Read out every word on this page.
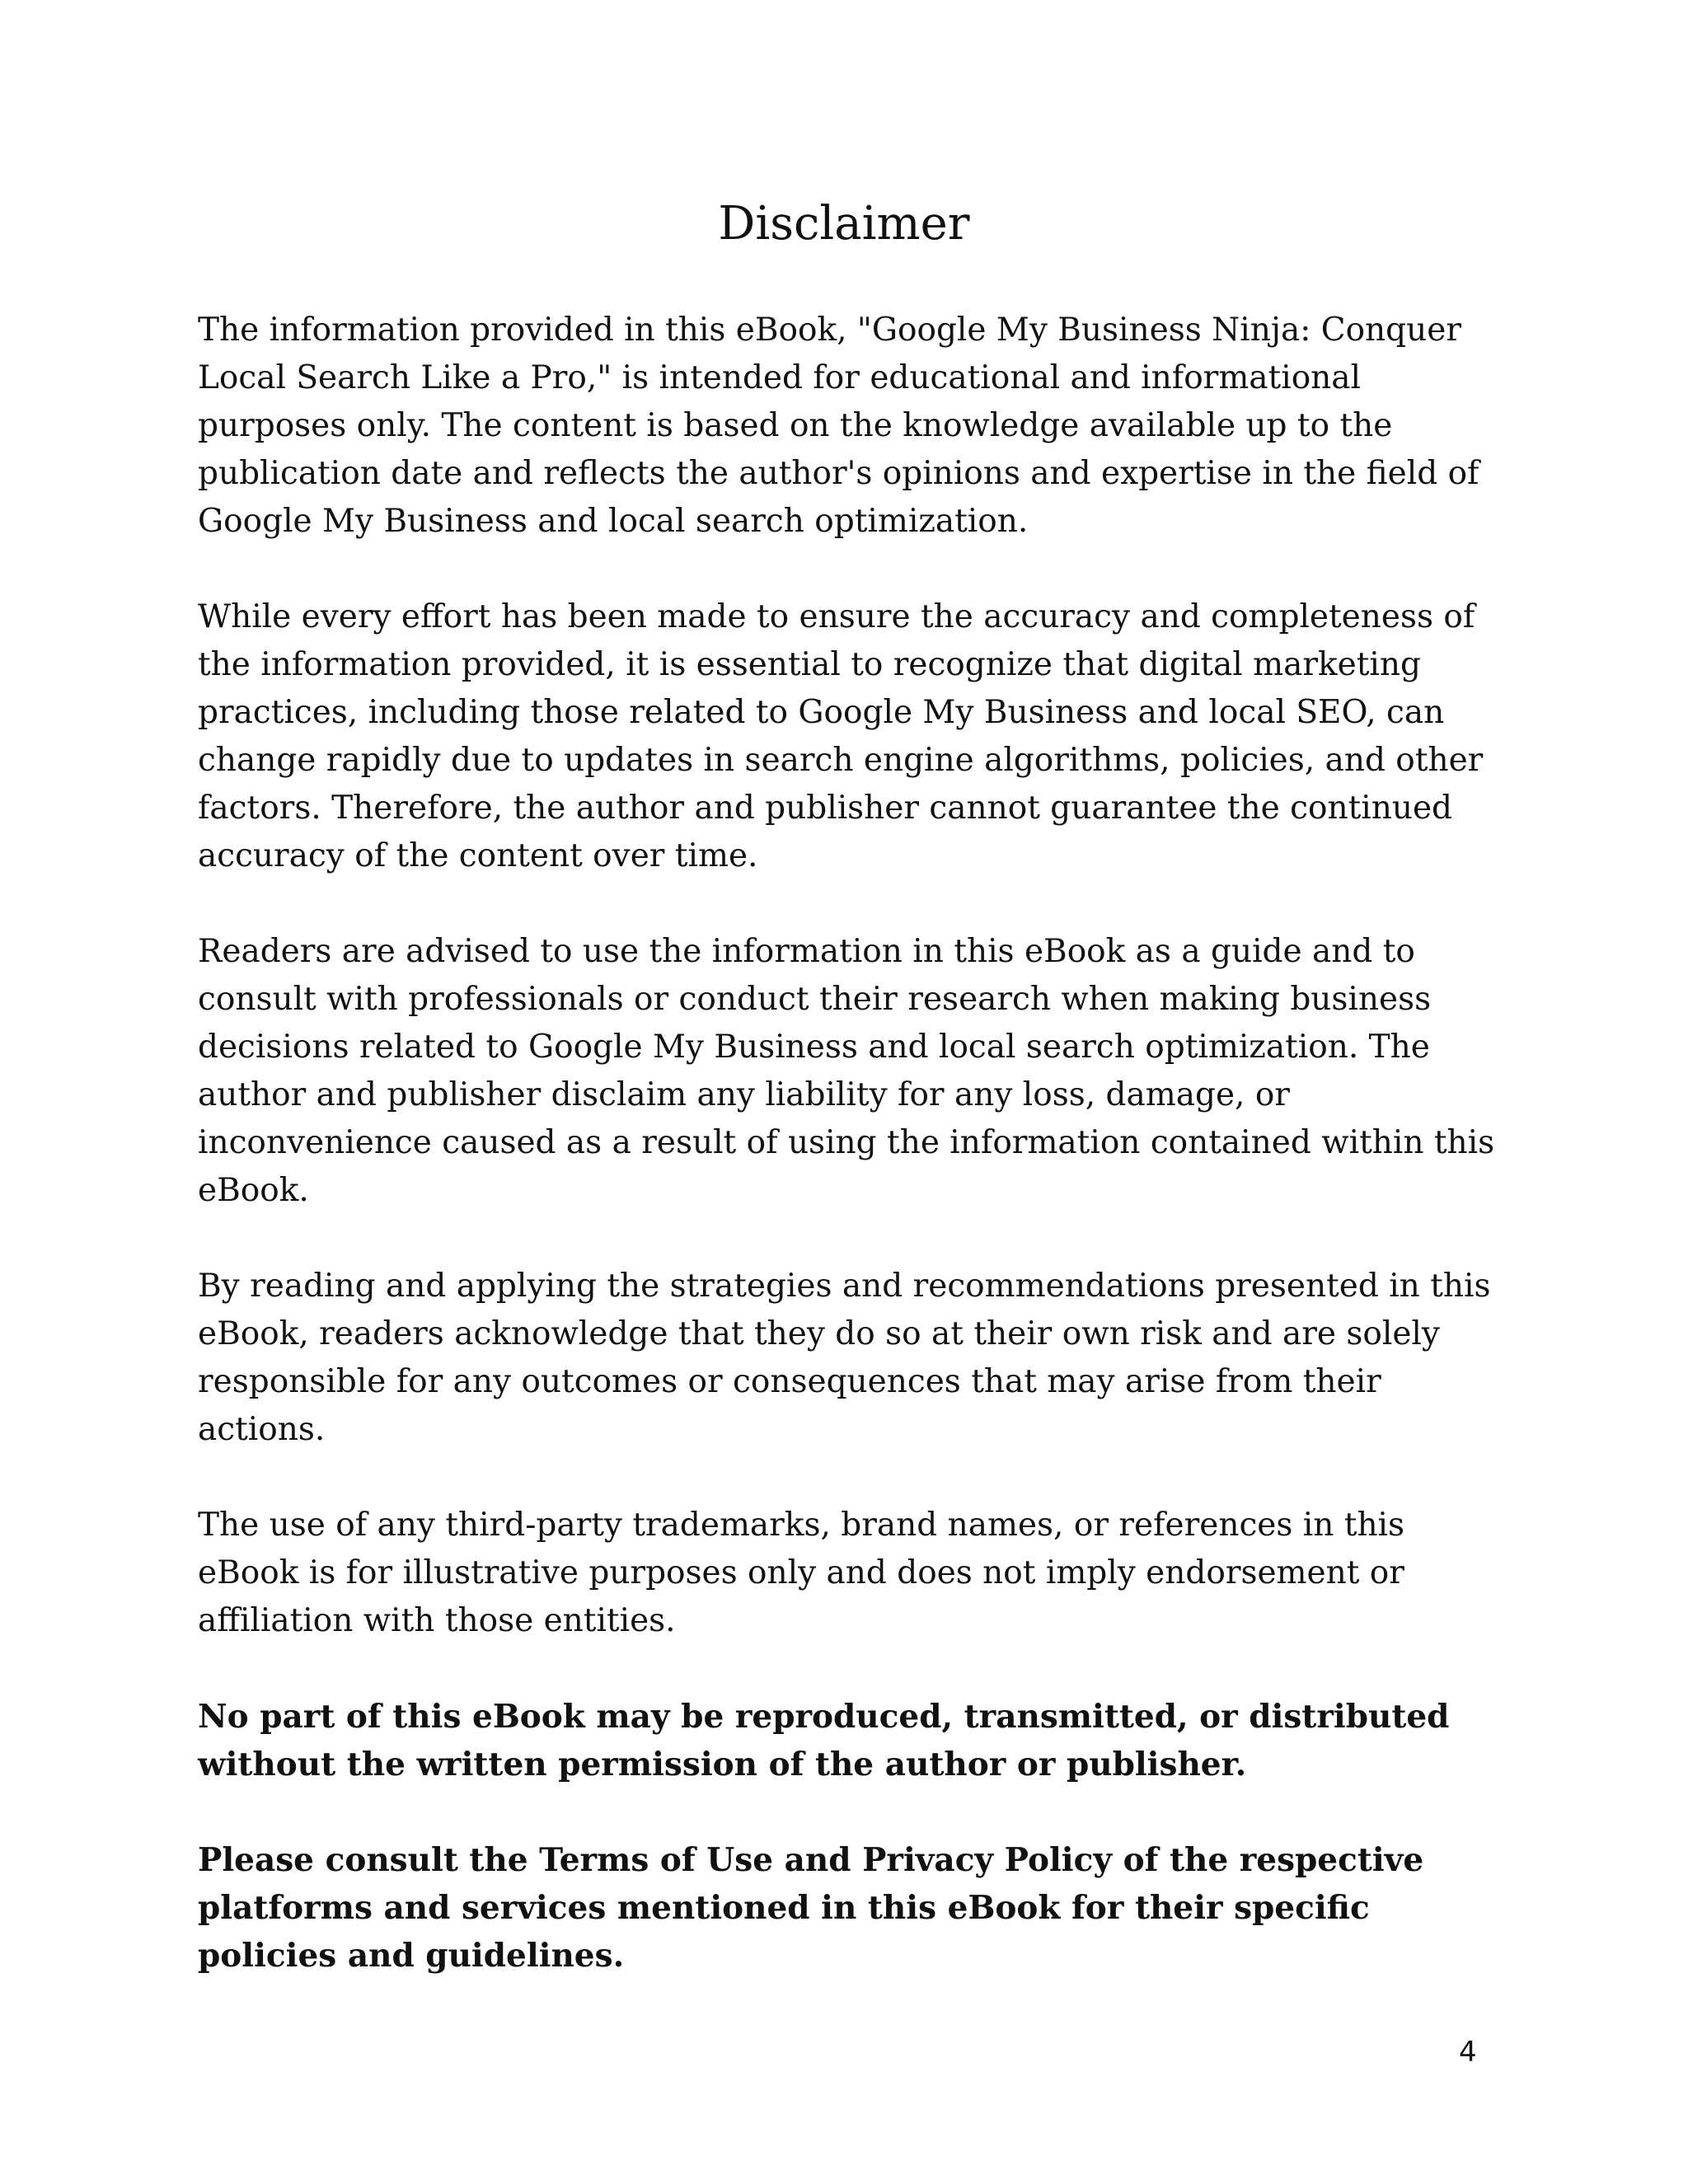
Disclaimer

The information provided in this eBook, "Google My Business Ninja: Conquer Local Search Like a Pro," is intended for educational and informational purposes only. The content is based on the knowledge available up to the publication date and reflects the author's opinions and expertise in the field of Google My Business and local search optimization.

While every effort has been made to ensure the accuracy and completeness of the information provided, it is essential to recognize that digital marketing practices, including those related to Google My Business and local SEO, can change rapidly due to updates in search engine algorithms, policies, and other factors. Therefore, the author and publisher cannot guarantee the continued accuracy of the content over time.

Readers are advised to use the information in this eBook as a guide and to consult with professionals or conduct their research when making business decisions related to Google My Business and local search optimization. The author and publisher disclaim any liability for any loss, damage, or inconvenience caused as a result of using the information contained within this eBook.

By reading and applying the strategies and recommendations presented in this eBook, readers acknowledge that they do so at their own risk and are solely responsible for any outcomes or consequences that may arise from their actions.

The use of any third-party trademarks, brand names, or references in this eBook is for illustrative purposes only and does not imply endorsement or affiliation with those entities.

No part of this eBook may be reproduced, transmitted, or distributed without the written permission of the author or publisher.

Please consult the Terms of Use and Privacy Policy of the respective platforms and services mentioned in this eBook for their specific policies and guidelines.

4
